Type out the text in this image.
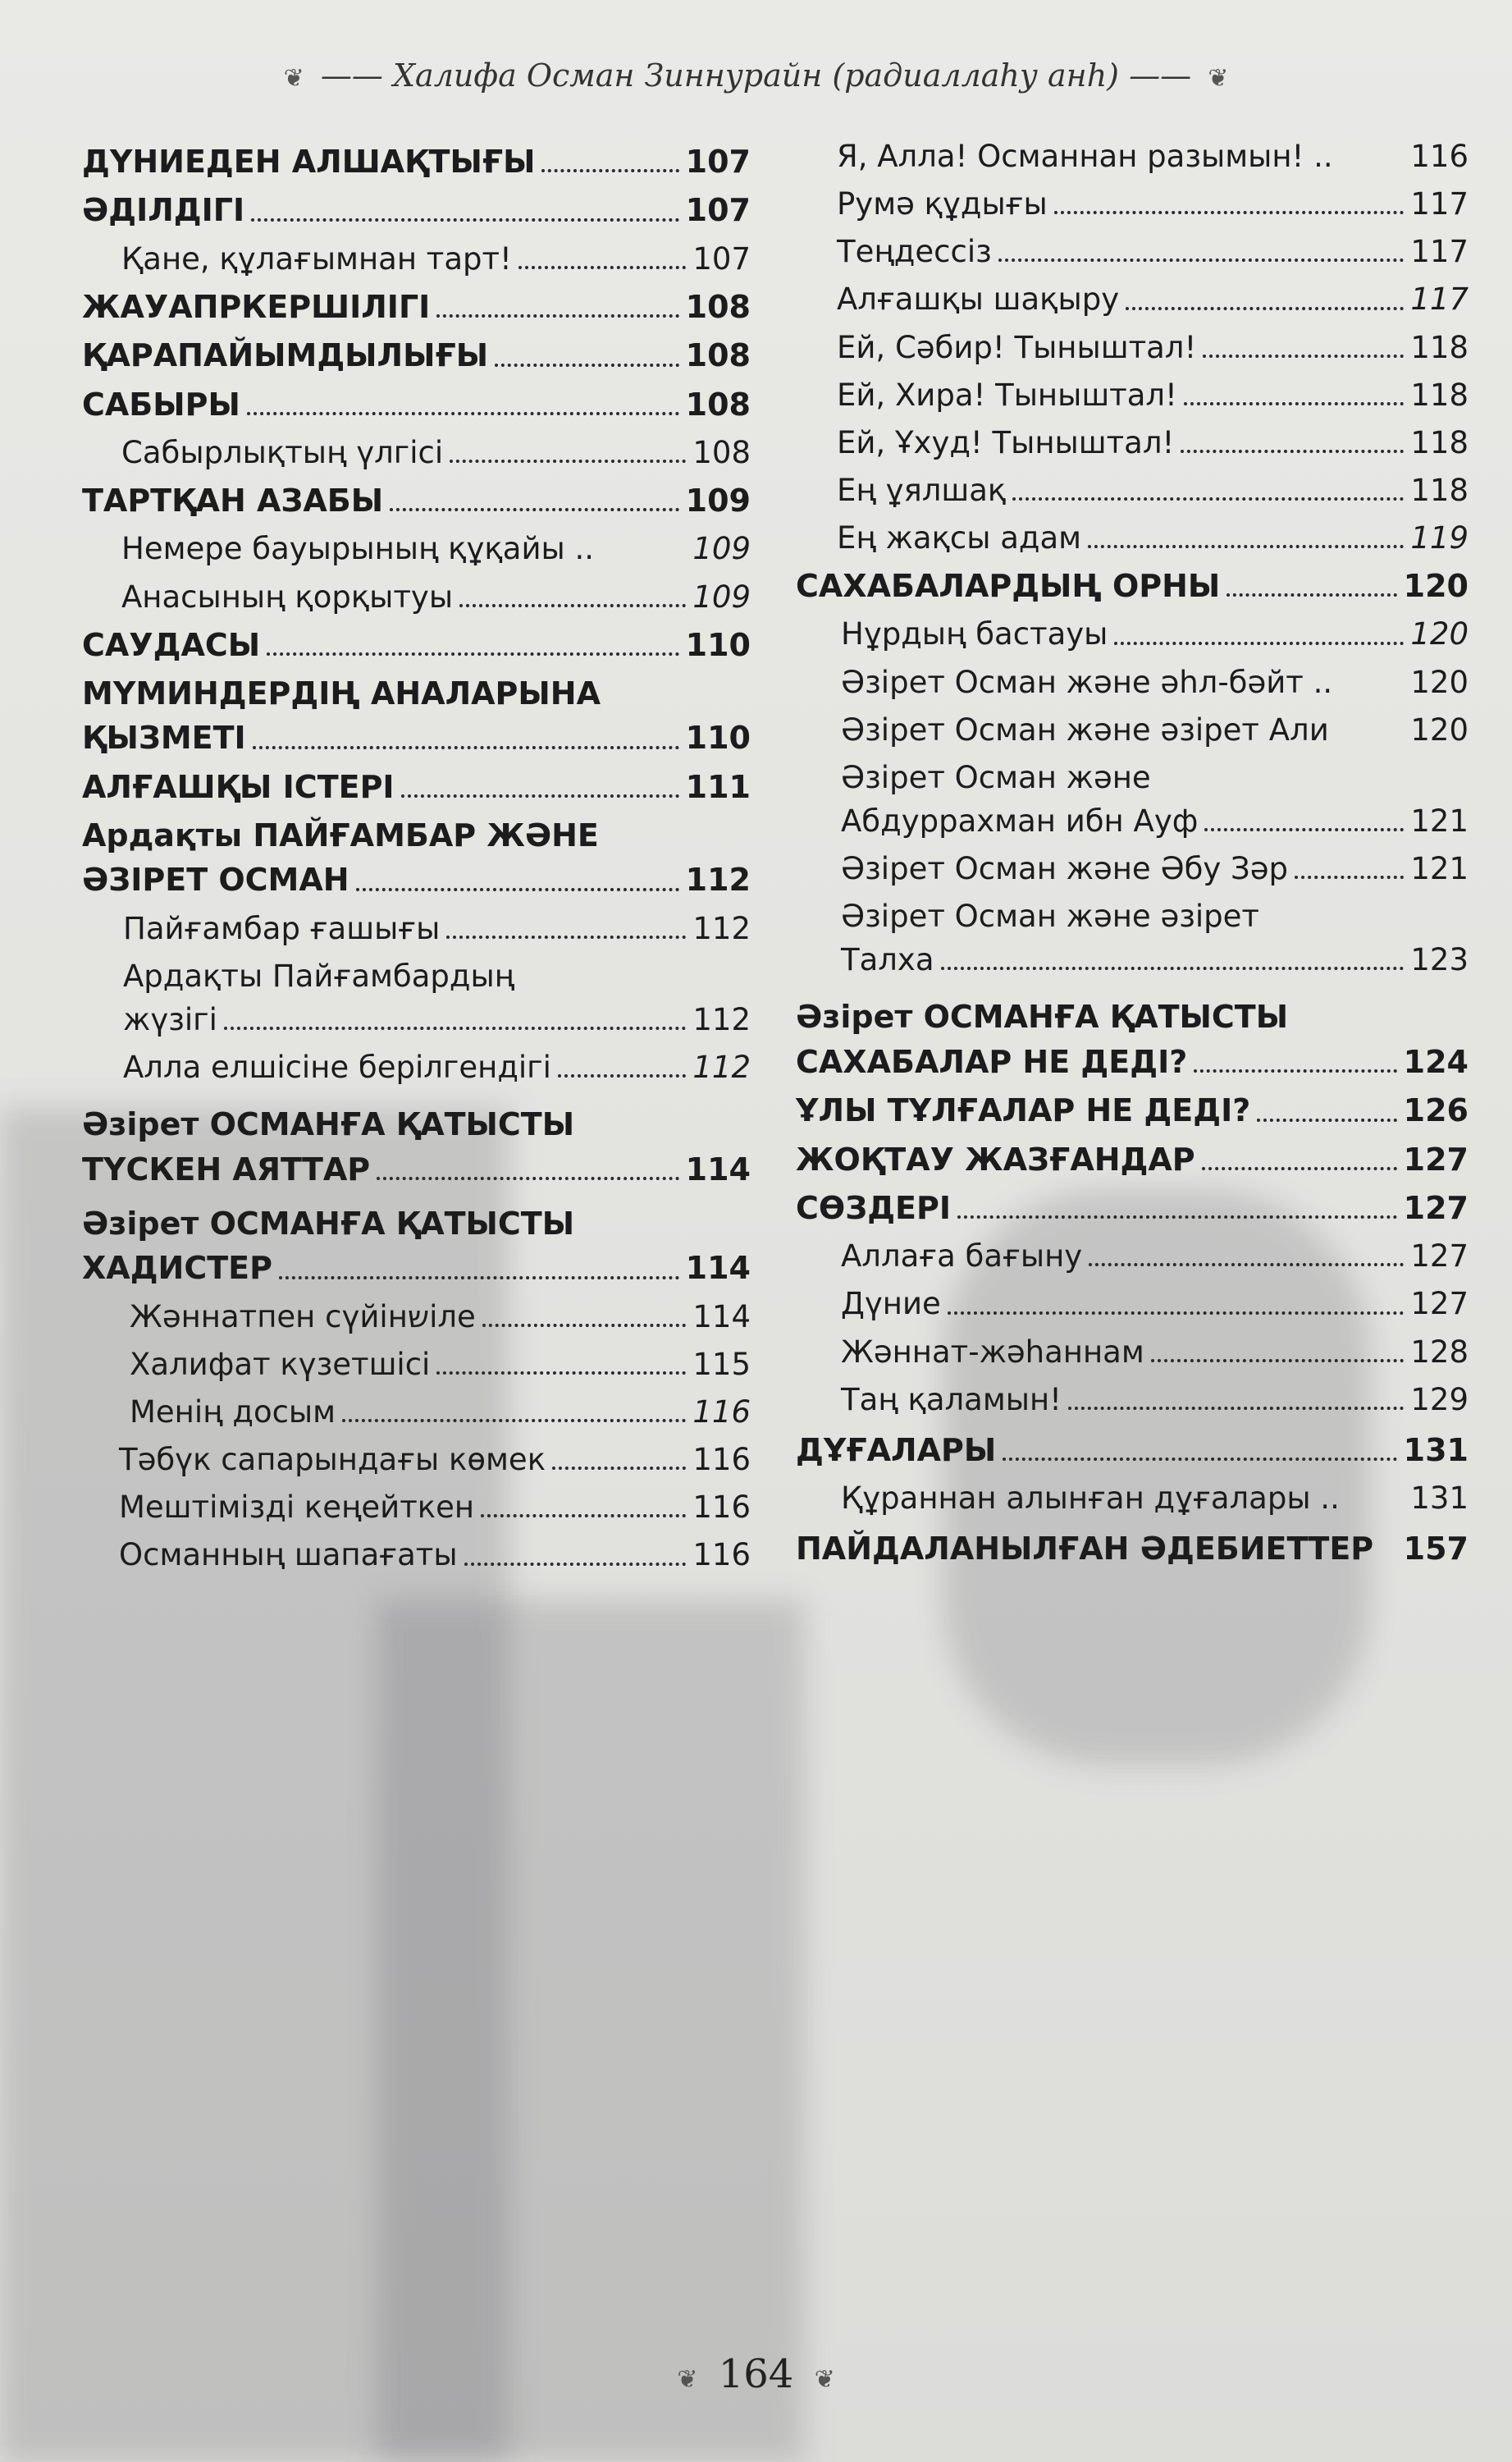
❦ —— Халифа Осман Зиннурайн (радиаллаһу анһ) —— ❦
ДҮНИЕДЕН АЛШАҚТЫҒЫ	107
ӘДІЛДІГІ	107
Қане, құлағымнан тарт!	107
ЖАУАПРКЕРШІЛІГІ	108
ҚАРАПАЙЫМДЫЛЫҒЫ	108
САБЫРЫ	108
Сабырлықтың үлгісі	108
ТАРТҚАН АЗАБЫ	109
Немере бауырының құқайы ..	109
Анасының қорқытуы	109
САУДАСЫ	110
МҮМИНДЕРДІҢ АНАЛАРЫНА
ҚЫЗМЕТІ	110
АЛҒАШҚЫ ІСТЕРІ	111
Ардақты ПАЙҒАМБАР ЖӘНЕ
ӘЗІРЕТ ОСМАН	112
Пайғамбар ғашығы	112
Ардақты Пайғамбардың
жүзігі	112
Алла елшісіне берілгендігі	112
Әзірет ОСМАНҒА ҚАТЫСТЫ
ТҮСКЕН АЯТТАР	114
Әзірет ОСМАНҒА ҚАТЫСТЫ
ХАДИСТЕР	114
Жәннатпен сүйінשіле	114
Халифат күзетшісі	115
Менің досым	116
Тәбүк сапарындағы көмек	116
Мештімізді кеңейткен	116
Османның шапағаты	116
Я, Алла! Османнан разымын! ..	116
Румә құдығы	117
Теңдессіз	117
Алғашқы шақыру	117
Ей, Сәбир! Тыныштал!	118
Ей, Хира! Тыныштал!	118
Ей, Ұхуд! Тыныштал!	118
Ең ұялшақ	118
Ең жақсы адам	119
САХАБАЛАРДЫҢ ОРНЫ	120
Нұрдың бастауы	120
Әзірет Осман және әһл-бәйт ..	120
Әзірет Осман және әзірет Али	120
Әзірет Осман және
Абдуррахман ибн Ауф	121
Әзірет Осман және Әбу Зәр	121
Әзірет Осман және әзірет
Талха	123
Әзірет ОСМАНҒА ҚАТЫСТЫ
САХАБАЛАР НЕ ДЕДІ?	124
ҰЛЫ ТҰЛҒАЛАР НЕ ДЕДІ?	126
ЖОҚТАУ ЖАЗҒАНДАР	127
СӨЗДЕРІ	127
Аллаға бағыну	127
Дүние	127
Жәннат-жәһаннам	128
Таң қаламын!	129
ДҰҒАЛАРЫ	131
Құраннан алынған дұғалары .. 131
ПАЙДАЛАНЫЛҒАН ӘДЕБИЕТТЕР 157
❦ 164 ❦
